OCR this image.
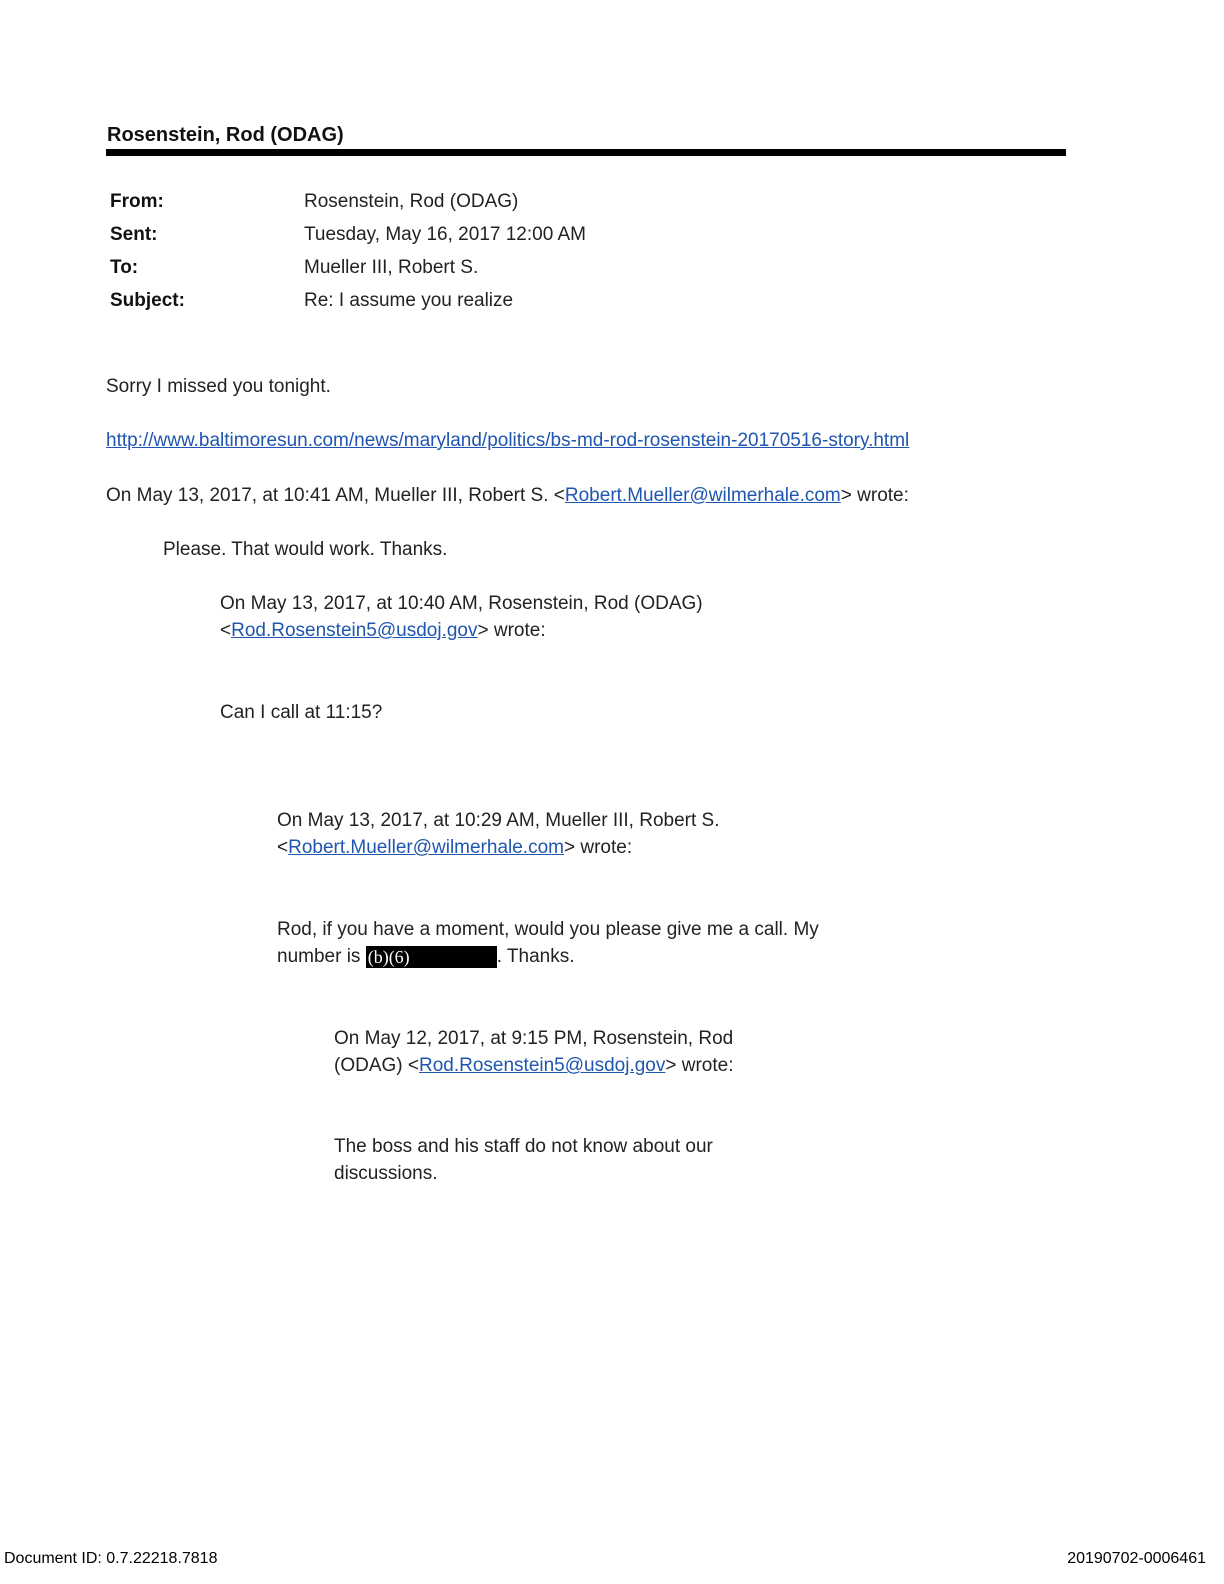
Rosenstein, Rod (ODAG)
From:	Rosenstein, Rod (ODAG)
Sent:	Tuesday, May 16, 2017 12:00 AM
To:	Mueller III, Robert S.
Subject:	Re: I assume you realize
Sorry I missed you tonight.
http://www.baltimoresun.com/news/maryland/politics/bs-md-rod-rosenstein-20170516-story.html
On May 13, 2017, at 10:41 AM, Mueller III, Robert S. <Robert.Mueller@wilmerhale.com> wrote:
Please. That would work. Thanks.
On May 13, 2017, at 10:40 AM, Rosenstein, Rod (ODAG)
<Rod.Rosenstein5@usdoj.gov> wrote:
Can I call at 11:15?
On May 13, 2017, at 10:29 AM, Mueller III, Robert S.
<Robert.Mueller@wilmerhale.com> wrote:
Rod, if you have a moment, would you please give me a call. My
number is (b)(6)	. Thanks.
On May 12, 2017, at 9:15 PM, Rosenstein, Rod
(ODAG) <Rod.Rosenstein5@usdoj.gov> wrote:
The boss and his staff do not know about our
discussions.
Document ID: 0.7.22218.7818	20190702-0006461
